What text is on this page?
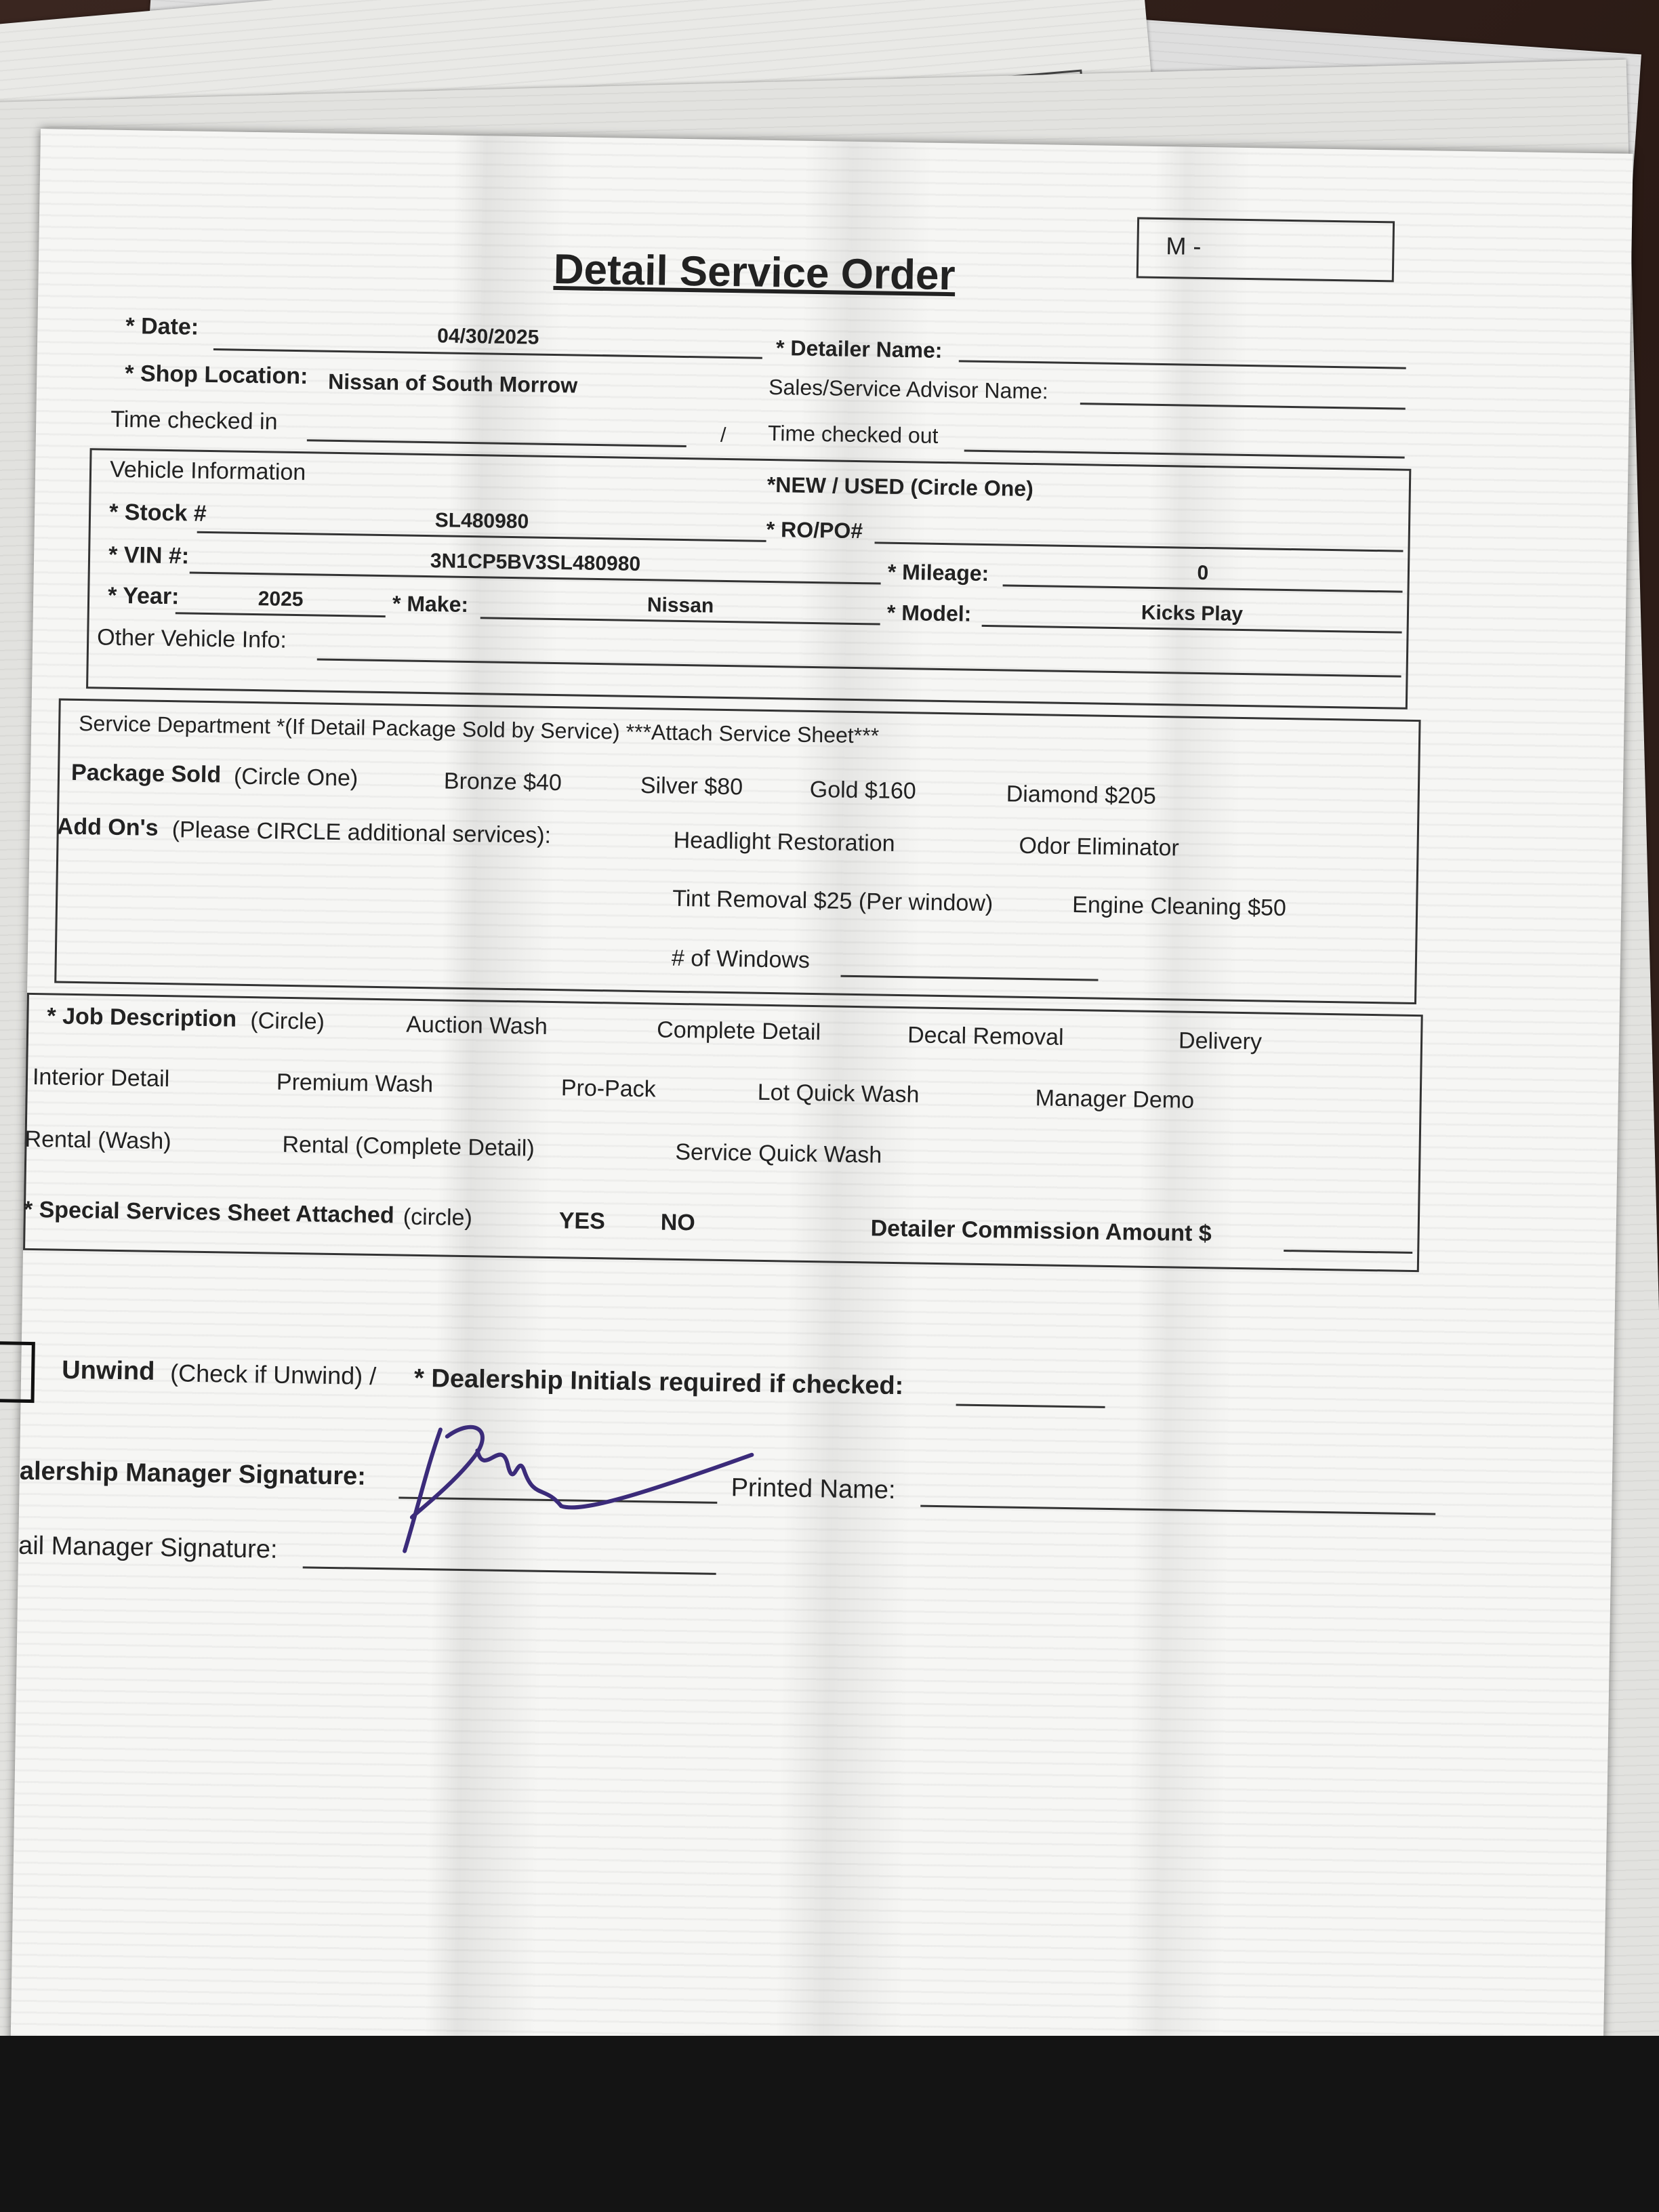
Detail Service Order	M -
* Date:	04/30/2025	* Detailer Name:
* Shop Location: Nissan of South Morrow	Sales/Service Advisor Name:
Time checked in
/ Time checked out
Vehicle Information
*NEW / USED (Circle One)
* Stock #	SL480980	* RO/PO#
* VIN #:	3N1CP5BV3SL480980	* Mileage:	0
* Year:	2025	* Make:	Nissan	* Model:	Kicks Play
Other Vehicle Info:
Service Department *(If Detail Package Sold by Service) ***Attach Service Sheet***
Package Sold (Circle One)	Bronze $40	Silver $80	Gold $160	Diamond $205
Add On's (Please CIRCLE additional services):	Headlight Restoration	Odor Eliminator
Tint Removal $25 (Per window)	Engine Cleaning $50
# of Windows
* Job Description (Circle)	Auction Wash	Complete Detail	Decal Removal	Delivery
Interior Detail	Premium Wash	Pro-Pack	Lot Quick Wash	Manager Demo
Rental (Wash)	Rental (Complete Detail)	Service Quick Wash
* Special Services Sheet Attached (circle)	YES NO	Detailer Commission Amount $
Unwind (Check if Unwind) / * Dealership Initials required if checked:
alership Manager Signature:	Printed Name:
ail Manager Signature:
